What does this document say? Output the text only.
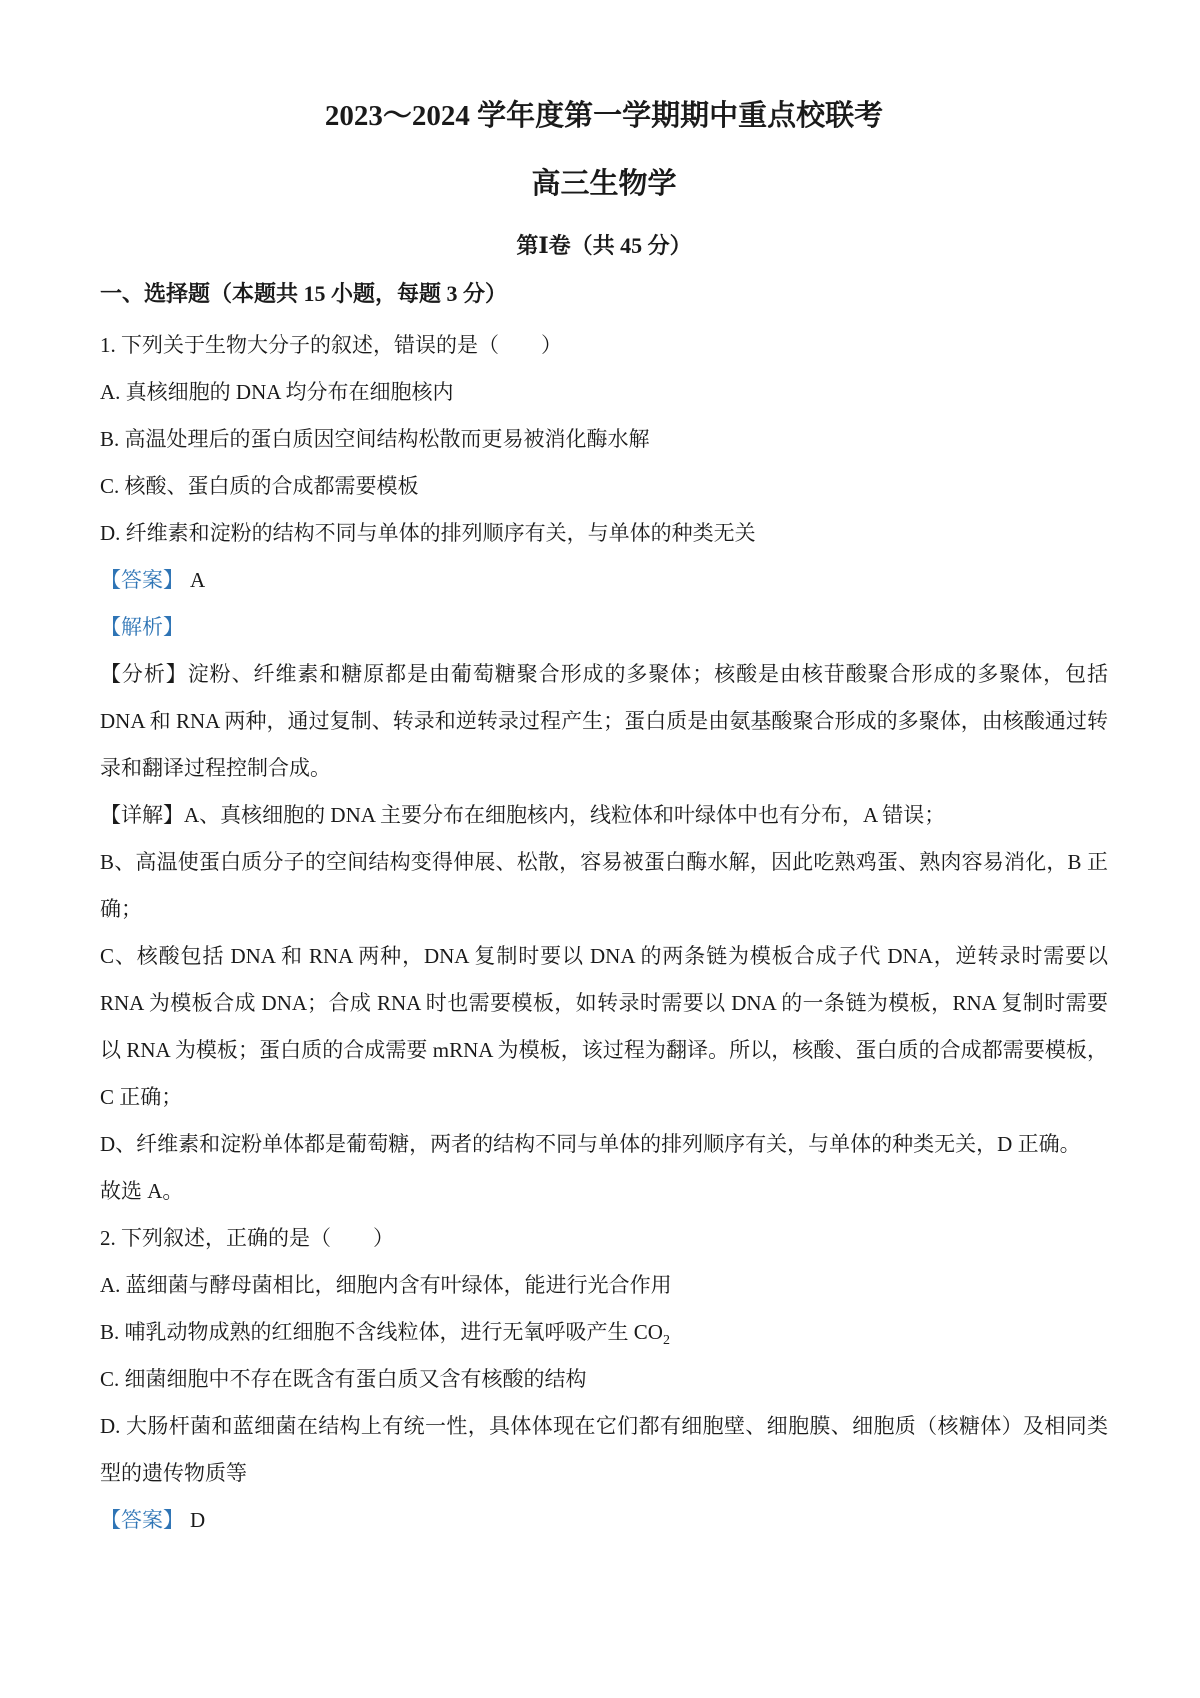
2023～2024 学年度第一学期期中重点校联考
高三生物学
第Ⅰ卷（共 45 分）
一、选择题（本题共 15 小题，每题 3 分）

1. 下列关于生物大分子的叙述，错误的是（　　）

A. 真核细胞的 DNA 均分布在细胞核内

B. 高温处理后的蛋白质因空间结构松散而更易被消化酶水解

C. 核酸、蛋白质的合成都需要模板

D. 纤维素和淀粉的结构不同与单体的排列顺序有关，与单体的种类无关

【答案】 A

【解析】

【分析】淀粉、纤维素和糖原都是由葡萄糖聚合形成的多聚体；核酸是由核苷酸聚合形成的多聚体，包括 DNA 和 RNA 两种，通过复制、转录和逆转录过程产生；蛋白质是由氨基酸聚合形成的多聚体，由核酸通过转录和翻译过程控制合成。

【详解】A、真核细胞的 DNA 主要分布在细胞核内，线粒体和叶绿体中也有分布，A 错误；

B、高温使蛋白质分子的空间结构变得伸展、松散，容易被蛋白酶水解，因此吃熟鸡蛋、熟肉容易消化，B 正确；

C、核酸包括 DNA 和 RNA 两种，DNA 复制时要以 DNA 的两条链为模板合成子代 DNA，逆转录时需要以 RNA 为模板合成 DNA；合成 RNA 时也需要模板，如转录时需要以 DNA 的一条链为模板，RNA 复制时需要以 RNA 为模板；蛋白质的合成需要 mRNA 为模板，该过程为翻译。所以，核酸、蛋白质的合成都需要模板，C 正确；

D、纤维素和淀粉单体都是葡萄糖，两者的结构不同与单体的排列顺序有关，与单体的种类无关，D 正确。

故选 A。

2. 下列叙述，正确的是（　　）

A. 蓝细菌与酵母菌相比，细胞内含有叶绿体，能进行光合作用

B. 哺乳动物成熟的红细胞不含线粒体，进行无氧呼吸产生 $CO_2$

C. 细菌细胞中不存在既含有蛋白质又含有核酸的结构

D. 大肠杆菌和蓝细菌在结构上有统一性，具体体现在它们都有细胞壁、细胞膜、细胞质（核糖体）及相同类型的遗传物质等

【答案】 D
